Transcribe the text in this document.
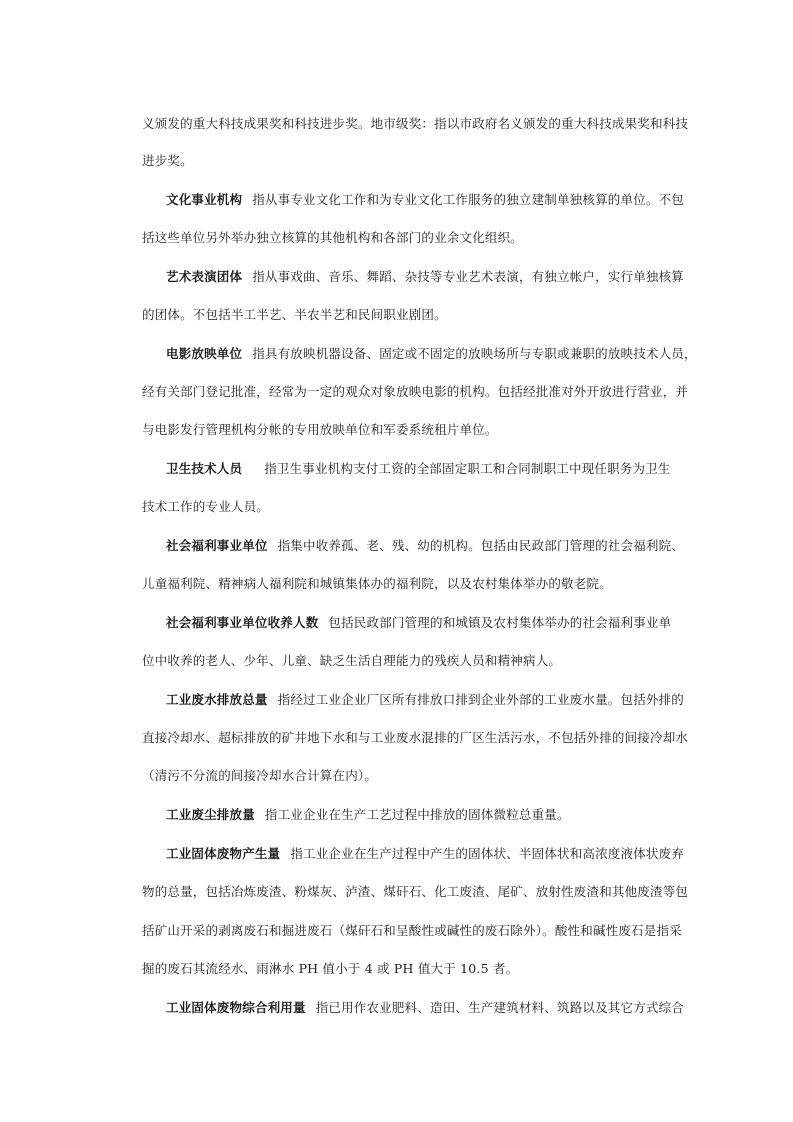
义颁发的重大科技成果奖和科技进步奖。地市级奖：指以市政府名义颁发的重大科技成果奖和科技
进步奖。
文化事业机构 指从事专业文化工作和为专业文化工作服务的独立建制单独核算的单位。不包
括这些单位另外举办独立核算的其他机构和各部门的业余文化组织。
艺术表演团体 指从事戏曲、音乐、舞蹈、杂技等专业艺术表演，有独立帐户，实行单独核算
的团体。不包括半工半艺、半农半艺和民间职业剧团。
电影放映单位 指具有放映机器设备、固定或不固定的放映场所与专职或兼职的放映技术人员，
经有关部门登记批准，经常为一定的观众对象放映电影的机构。包括经批准对外开放进行营业，并
与电影发行管理机构分帐的专用放映单位和军委系统租片单位。
卫生技术人员 指卫生事业机构支付工资的全部固定职工和合同制职工中现任职务为卫生
技术工作的专业人员。
社会福利事业单位 指集中收养孤、老、残、幼的机构。包括由民政部门管理的社会福利院、
儿童福利院、精神病人福利院和城镇集体办的福利院，以及农村集体举办的敬老院。
社会福利事业单位收养人数 包括民政部门管理的和城镇及农村集体举办的社会福利事业单
位中收养的老人、少年、儿童、缺乏生活自理能力的残疾人员和精神病人。
工业废水排放总量 指经过工业企业厂区所有排放口排到企业外部的工业废水量。包括外排的
直接冷却水、超标排放的矿井地下水和与工业废水混排的厂区生活污水，不包括外排的间接冷却水
（清污不分流的间接冷却水合计算在内）。
工业废尘排放量 指工业企业在生产工艺过程中排放的固体微粒总重量。
工业固体废物产生量 指工业企业在生产过程中产生的固体状、半固体状和高浓度液体状废弃
物的总量，包括冶炼废渣、粉煤灰、泸渣、煤矸石、化工废渣、尾矿、放射性废渣和其他废渣等包
括矿山开采的剥离废石和掘进废石（煤矸石和呈酸性或碱性的废石除外）。酸性和碱性废石是指采
掘的废石其流经水、雨淋水 PH 值小于 4 或 PH 值大于 10.5 者。
工业固体废物综合利用量 指已用作农业肥料、造田、生产建筑材料、筑路以及其它方式综合
